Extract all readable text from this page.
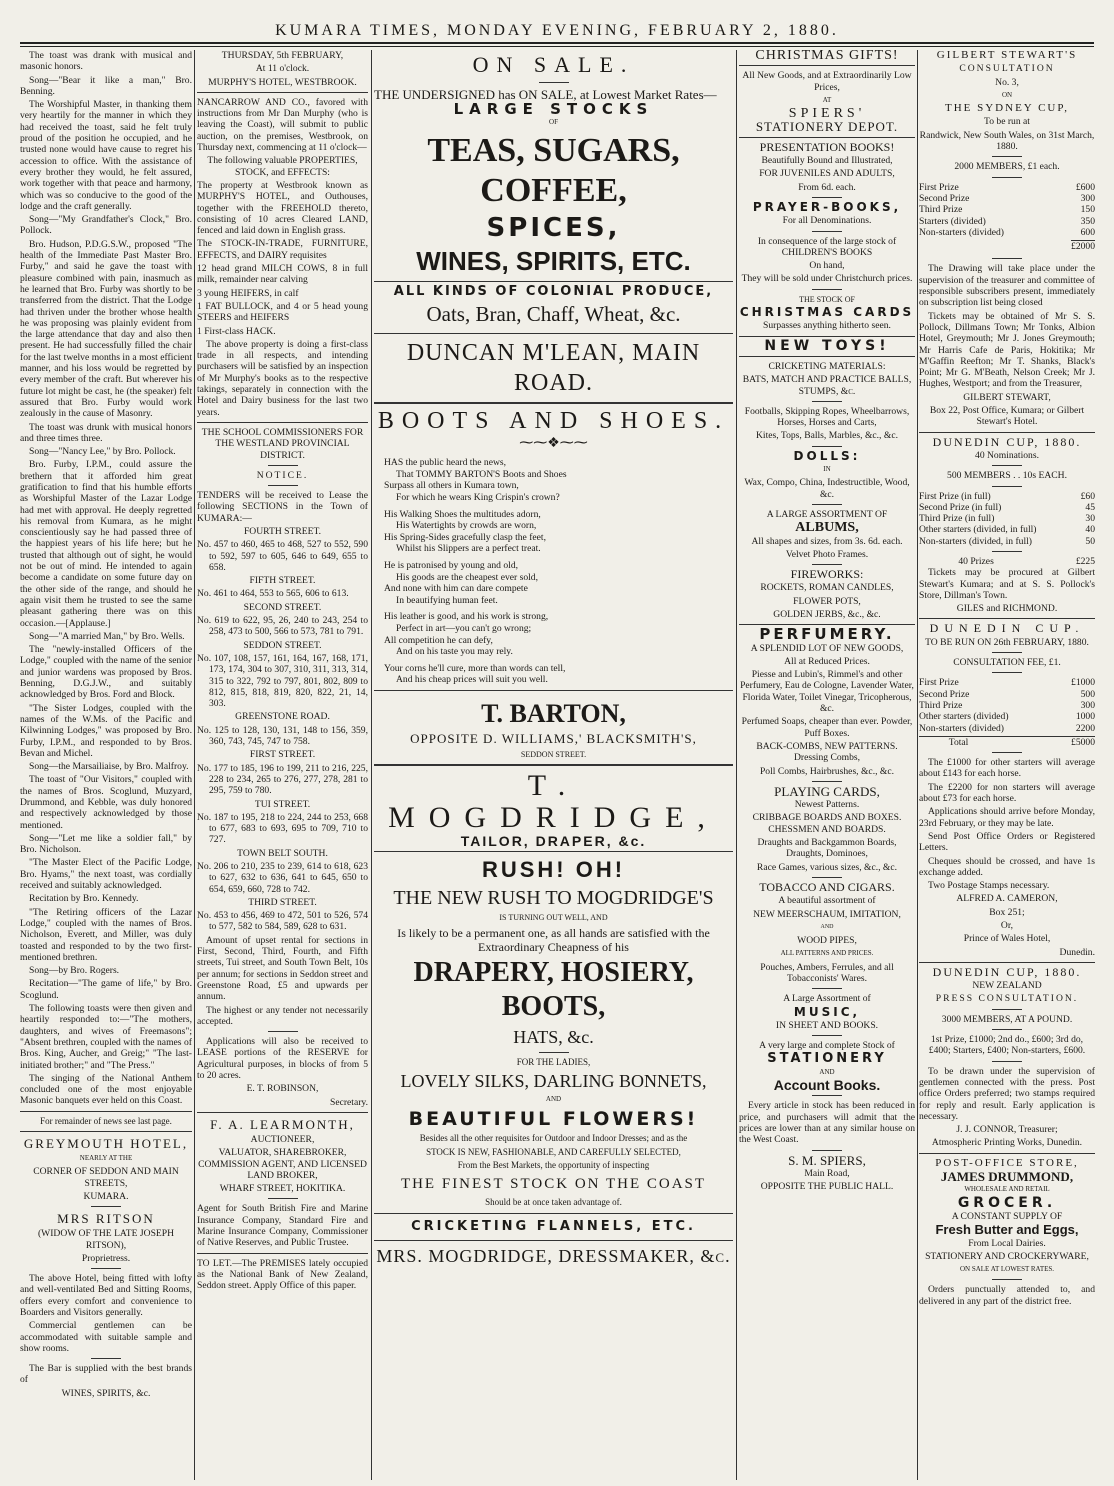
KUMARA TIMES, MONDAY EVENING, FEBRUARY 2, 1880.

The toast was drank with musical and masonic honors.

Song—"Bear it like a man," Bro. Benning.

The Worshipful Master, in thanking them very heartily for the manner in which they had received the toast, said he felt truly proud of the position he occupied, and he trusted none would have cause to regret his accession to office. With the assistance of every brother they would, he felt assured, work together with that peace and harmony, which was so conducive to the good of the lodge and the craft generally.

Song—"My Grandfather's Clock," Bro. Pollock.

Bro. Hudson, P.D.G.S.W., proposed "The health of the Immediate Past Master Bro. Furby," and said he gave the toast with pleasure combined with pain, inasmuch as he learned that Bro. Furby was shortly to be transferred from the district. That the Lodge had thriven under the brother whose health he was proposing was plainly evident from the large attendance that day and also then present. He had successfully filled the chair for the last twelve months in a most efficient manner, and his loss would be regretted by every member of the craft. But wherever his future lot might be cast, he (the speaker) felt assured that Bro. Furby would work zealously in the cause of Masonry.

The toast was drunk with musical honors and three times three.

Song—"Nancy Lee," by Bro. Pollock.

Bro. Furby, I.P.M., could assure the brethern that it afforded him great gratification to find that his humble efforts as Worshipful Master of the Lazar Lodge had met with approval. He deeply regretted his removal from Kumara, as he might conscientiously say he had passed three of the happiest years of his life here; but he trusted that although out of sight, he would not be out of mind. He intended to again become a candidate on some future day on the other side of the range, and should he again visit them he trusted to see the same pleasant gathering there was on this occasion.—[Applause.]

Song—"A married Man," by Bro. Wells.

The "newly-installed Officers of the Lodge," coupled with the name of the senior and junior wardens was proposed by Bros. Benning, D.G.J.W., and suitably acknowledged by Bros. Ford and Block.

"The Sister Lodges, coupled with the names of the W.Ms. of the Pacific and Kilwinning Lodges," was proposed by Bro. Furby, I.P.M., and responded to by Bros. Bevan and Michel.

Song—the Marsailiaise, by Bro. Malfroy.

The toast of "Our Visitors," coupled with the names of Bros. Scoglund, Muzyard, Drummond, and Kebble, was duly honored and respectively acknowledged by those mentioned.

Song—"Let me like a soldier fall," by Bro. Nicholson.

"The Master Elect of the Pacific Lodge, Bro. Hyams," the next toast, was cordially received and suitably acknowledged.

Recitation by Bro. Kennedy.

"The Retiring officers of the Lazar Lodge," coupled with the names of Bros. Nicholson, Everett, and Miller, was duly toasted and responded to by the two first-mentioned brethren.

Song—by Bro. Rogers.

Recitation—"The game of life," by Bro. Scoglund.

The following toasts were then given and heartily responded to:—"The mothers, daughters, and wives of Freemasons"; "Absent brethren, coupled with the names of Bros. King, Aucher, and Greig;" "The last-initiated brother;" and "The Press."

The singing of the National Anthem concluded one of the most enjoyable Masonic banquets ever held on this Coast.

For remainder of news see last page.

GREYMOUTH HOTEL,

NEARLY AT THE

CORNER OF SEDDON AND MAIN STREETS,

KUMARA.

MRS RITSON

(WIDOW OF THE LATE JOSEPH RITSON),

Proprietress.

The above Hotel, being fitted with lofty and well-ventilated Bed and Sitting Rooms, offers every comfort and convenience to Boarders and Visitors generally.

Commercial gentlemen can be accommodated with suitable sample and show rooms.

The Bar is supplied with the best brands of

WINES, SPIRITS, &c.

THURSDAY, 5th FEBRUARY,

At 11 o'clock.

MURPHY'S HOTEL, WESTBROOK.

NANCARROW AND CO., favored with instructions from Mr Dan Murphy (who is leaving the Coast), will submit to public auction, on the premises, Westbrook, on Thursday next, commencing at 11 o'clock—

The following valuable PROPERTIES, STOCK, and EFFECTS:

The property at Westbrook known as MURPHY'S HOTEL, and Outhouses, together with the FREEHOLD thereto, consisting of 10 acres Cleared LAND, fenced and laid down in English grass.

The STOCK-IN-TRADE, FURNITURE, EFFECTS, and DAIRY requisites

12 head grand MILCH COWS, 8 in full milk, remainder near calving

3 young HEIFERS, in calf

1 FAT BULLOCK, and 4 or 5 head young STEERS and HEIFERS

1 First-class HACK.

The above property is doing a first-class trade in all respects, and intending purchasers will be satisfied by an inspection of Mr Murphy's books as to the respective takings, separately in connection with the Hotel and Dairy business for the last two years.

THE SCHOOL COMMISSIONERS FOR THE WESTLAND PROVINCIAL DISTRICT.

NOTICE.

TENDERS will be received to Lease the following SECTIONS in the Town of KUMARA:—

FOURTH STREET.

No. 457 to 460, 465 to 468, 527 to 552, 590 to 592, 597 to 605, 646 to 649, 655 to 658.

FIFTH STREET.

No. 461 to 464, 553 to 565, 606 to 613.

SECOND STREET.

No. 619 to 622, 95, 26, 240 to 243, 254 to 258, 473 to 500, 566 to 573, 781 to 791.

SEDDON STREET.

No. 107, 108, 157, 161, 164, 167, 168, 171, 173, 174, 304 to 307, 310, 311, 313, 314, 315 to 322, 792 to 797, 801, 802, 809 to 812, 815, 818, 819, 820, 822, 21, 14, 303.

GREENSTONE ROAD.

No. 125 to 128, 130, 131, 148 to 156, 359, 360, 743, 745, 747 to 758.

FIRST STREET.

No. 177 to 185, 196 to 199, 211 to 216, 225, 228 to 234, 265 to 276, 277, 278, 281 to 295, 759 to 780.

TUI STREET.

No. 187 to 195, 218 to 224, 244 to 253, 668 to 677, 683 to 693, 695 to 709, 710 to 727.

TOWN BELT SOUTH.

No. 206 to 210, 235 to 239, 614 to 618, 623 to 627, 632 to 636, 641 to 645, 650 to 654, 659, 660, 728 to 742.

THIRD STREET.

No. 453 to 456, 469 to 472, 501 to 526, 574 to 577, 582 to 584, 589, 628 to 631.

Amount of upset rental for sections in First, Second, Third, Fourth, and Fifth streets, Tui street, and South Town Belt, 10s per annum; for sections in Seddon street and Greenstone Road, £5 and upwards per annum.

The highest or any tender not necessarily accepted.

Applications will also be received to LEASE portions of the RESERVE for Agricultural purposes, in blocks of from 5 to 20 acres.

E. T. ROBINSON,

Secretary.

F. A. LEARMONTH,

AUCTIONEER,

VALUATOR, SHAREBROKER, COMMISSION AGENT, AND LICENSED LAND BROKER,

WHARF STREET, HOKITIKA.

Agent for South British Fire and Marine Insurance Company, Standard Fire and Marine Insurance Company, Commissioner of Native Reserves, and Public Trustee.

TO LET.—The PREMISES lately occupied as the National Bank of New Zealand, Seddon street. Apply Office of this paper.

ON SALE.

THE UNDERSIGNED has ON SALE, at Lowest Market Rates—

LARGE STOCKS

OF

TEAS, SUGARS, COFFEE,

SPICES,

WINES, SPIRITS, ETC.

ALL KINDS OF COLONIAL PRODUCE,

Oats, Bran, Chaff, Wheat, &c.

DUNCAN M'LEAN, MAIN ROAD.

BOOTS AND SHOES.

⁓⁓❖⁓⁓

HAS the public heard the news,

That TOMMY BARTON'S Boots and Shoes

Surpass all others in Kumara town,

For which he wears King Crispin's crown?

His Walking Shoes the multitudes adorn,

His Watertights by crowds are worn,

His Spring-Sides gracefully clasp the feet,

Whilst his Slippers are a perfect treat.

He is patronised by young and old,

His goods are the cheapest ever sold,

And none with him can dare compete

In beautifying human feet.

His leather is good, and his work is strong,

Perfect in art—you can't go wrong;

All competition he can defy,

And on his taste you may rely.

Your corns he'll cure, more than words can tell,

And his cheap prices will suit you well.

T. BARTON,

OPPOSITE D. WILLIAMS,' BLACKSMITH'S,

SEDDON STREET.

T. MOGDRIDGE,

TAILOR, DRAPER, &c.

RUSH! OH!

THE NEW RUSH TO MOGDRIDGE'S

IS TURNING OUT WELL, AND

Is likely to be a permanent one, as all hands are satisfied with the Extraordinary Cheapness of his

DRAPERY, HOSIERY, BOOTS,

HATS, &c.

FOR THE LADIES,

LOVELY SILKS, DARLING BONNETS,

AND

BEAUTIFUL FLOWERS!

Besides all the other requisites for Outdoor and Indoor Dresses; and as the

STOCK IS NEW, FASHIONABLE, AND CAREFULLY SELECTED,

From the Best Markets, the opportunity of inspecting

THE FINEST STOCK ON THE COAST

Should be at once taken advantage of.

CRICKETING FLANNELS, ETC.

MRS. MOGDRIDGE, DRESSMAKER, &c.

CHRISTMAS GIFTS!

All New Goods, and at Extraordinarily Low Prices,

AT

SPIERS'

STATIONERY DEPOT.

PRESENTATION BOOKS!

Beautifully Bound and Illustrated,

FOR JUVENILES AND ADULTS,

From 6d. each.

PRAYER-BOOKS,

For all Denominations.

In consequence of the large stock of CHILDREN'S BOOKS

On hand,

They will be sold under Christchurch prices.

THE STOCK OF

CHRISTMAS CARDS

Surpasses anything hitherto seen.

NEW TOYS!

CRICKETING MATERIALS:

BATS, MATCH AND PRACTICE BALLS, STUMPS, &c.

Footballs, Skipping Ropes, Wheelbarrows, Horses, Horses and Carts,

Kites, Tops, Balls, Marbles, &c., &c.

DOLLS:

IN

Wax, Compo, China, Indestructible, Wood, &c.

A LARGE ASSORTMENT OF

ALBUMS,

All shapes and sizes, from 3s. 6d. each.

Velvet Photo Frames.

FIREWORKS:

ROCKETS, ROMAN CANDLES,

FLOWER POTS,

GOLDEN JERBS, &c., &c.

PERFUMERY.

A SPLENDID LOT OF NEW GOODS,

All at Reduced Prices.

Piesse and Lubin's, Rimmel's and other Perfumery, Eau de Cologne, Lavender Water, Florida Water, Toilet Vinegar, Tricopherous, &c.

Perfumed Soaps, cheaper than ever. Powder, Puff Boxes.

BACK-COMBS, NEW PATTERNS. Dressing Combs,

Poll Combs, Hairbrushes, &c., &c.

PLAYING CARDS,

Newest Patterns.

CRIBBAGE BOARDS AND BOXES. CHESSMEN AND BOARDS.

Draughts and Backgammon Boards, Draughts, Dominoes,

Race Games, various sizes, &c., &c.

TOBACCO AND CIGARS.

A beautiful assortment of

NEW MEERSCHAUM, IMITATION,

AND

WOOD PIPES,

ALL PATTERNS AND PRICES.

Pouches, Ambers, Ferrules, and all Tobacconists' Wares.

A Large Assortment of

MUSIC,

IN SHEET AND BOOKS.

A very large and complete Stock of

STATIONERY

AND

Account Books.

Every article in stock has been reduced in price, and purchasers will admit that the prices are lower than at any similar house on the West Coast.

S. M. SPIERS,

Main Road,

OPPOSITE THE PUBLIC HALL.

GILBERT STEWART'S

CONSULTATION

No. 3,

ON

THE SYDNEY CUP,

To be run at

Randwick, New South Wales, on 31st March, 1880.

2000 MEMBERS, £1 each.

First Prize	£600
Second Prize	300
Third Prize	150
Starters (divided)	350
Non-starters (divided)	600

£2000

The Drawing will take place under the supervision of the treasurer and committee of responsible subscribers present, immediately on subscription list being closed

Tickets may be obtained of Mr S. S. Pollock, Dillmans Town; Mr Tonks, Albion Hotel, Greymouth; Mr J. Jones Greymouth; Mr Harris Cafe de Paris, Hokitika; Mr M'Gaffin Reefton; Mr T. Shanks, Black's Point; Mr G. M'Beath, Nelson Creek; Mr J. Hughes, Westport; and from the Treasurer,

GILBERT STEWART,

Box 22, Post Office, Kumara; or Gilbert Stewart's Hotel.

DUNEDIN CUP, 1880.

40 Nominations.

500 MEMBERS . . 10s EACH.

First Prize (in full)	£60
Second Prize (in full)	45
Third Prize (in full)	30
Other starters (divided, in full)	40
Non-starters (divided, in full)	50
40 Prizes	£225

Tickets may be procured at Gilbert Stewart's Kumara; and at S. S. Pollock's Store, Dillman's Town.

GILES and RICHMOND.

DUNEDIN CUP.

TO BE RUN ON 26th FEBRUARY, 1880.

CONSULTATION FEE, £1.

First Prize	£1000
Second Prize	500
Third Prize	300
Other starters (divided)	1000
Non-starters (divided)	2200
Total	£5000

The £1000 for other starters will average about £143 for each horse.

The £2200 for non starters will average about £73 for each horse.

Applications should arrive before Monday, 23rd February, or they may be late.

Send Post Office Orders or Registered Letters.

Cheques should be crossed, and have 1s exchange added.

Two Postage Stamps necessary.

ALFRED A. CAMERON,

Box 251;

Or,

Prince of Wales Hotel,

Dunedin.

DUNEDIN CUP, 1880.

NEW ZEALAND

PRESS CONSULTATION.

3000 MEMBERS, AT A POUND.

1st Prize, £1000; 2nd do., £600; 3rd do, £400; Starters, £400; Non-starters, £600.

To be drawn under the supervision of gentlemen connected with the press. Post office Orders preferred; two stamps required for reply and result. Early application is necessary.

J. J. CONNOR, Treasurer;

Atmospheric Printing Works, Dunedin.

POST-OFFICE STORE,

JAMES DRUMMOND,

WHOLESALE AND RETAIL

GROCER.

A CONSTANT SUPPLY OF

Fresh Butter and Eggs,

From Local Dairies.

STATIONERY AND CROCKERYWARE,

ON SALE AT LOWEST RATES.

Orders punctually attended to, and delivered in any part of the district free.
